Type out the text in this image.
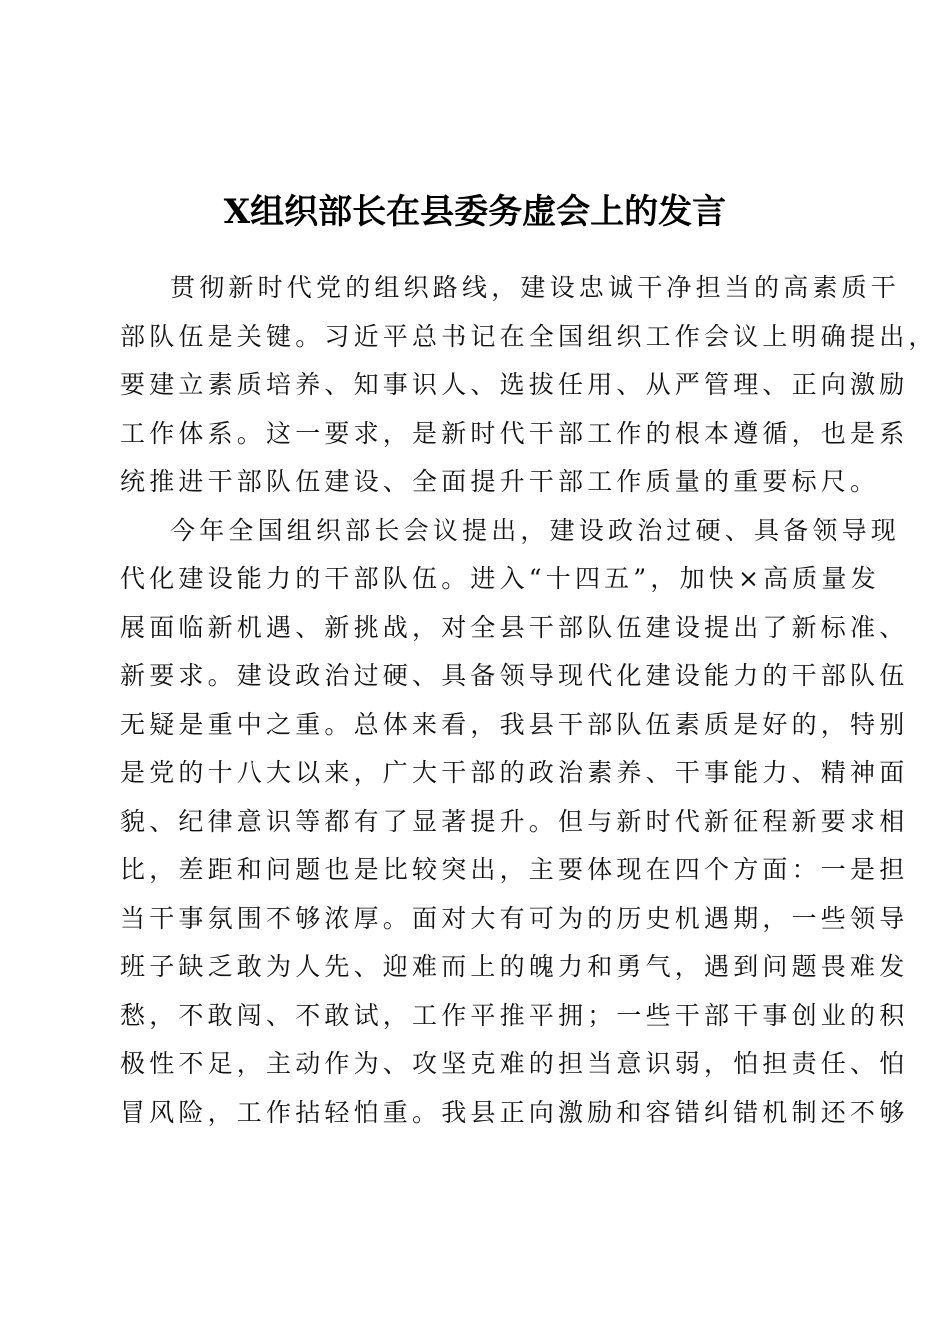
X组织部长在县委务虚会上的发言
贯彻新时代党的组织路线，建设忠诚干净担当的高素质干
部队伍是关键。习近平总书记在全国组织工作会议上明确提出，
要建立素质培养、知事识人、选拔任用、从严管理、正向激励
工作体系。这一要求，是新时代干部工作的根本遵循，也是系
统推进干部队伍建设、全面提升干部工作质量的重要标尺。
今年全国组织部长会议提出，建设政治过硬、具备领导现
代化建设能力的干部队伍。进入“十四五”，加快×高质量发
展面临新机遇、新挑战，对全县干部队伍建设提出了新标准、
新要求。建设政治过硬、具备领导现代化建设能力的干部队伍
无疑是重中之重。总体来看，我县干部队伍素质是好的，特别
是党的十八大以来，广大干部的政治素养、干事能力、精神面
貌、纪律意识等都有了显著提升。但与新时代新征程新要求相
比，差距和问题也是比较突出，主要体现在四个方面：一是担
当干事氛围不够浓厚。面对大有可为的历史机遇期，一些领导
班子缺乏敢为人先、迎难而上的魄力和勇气，遇到问题畏难发
愁，不敢闯、不敢试，工作平推平拥；一些干部干事创业的积
极性不足，主动作为、攻坚克难的担当意识弱，怕担责任、怕
冒风险，工作拈轻怕重。我县正向激励和容错纠错机制还不够
